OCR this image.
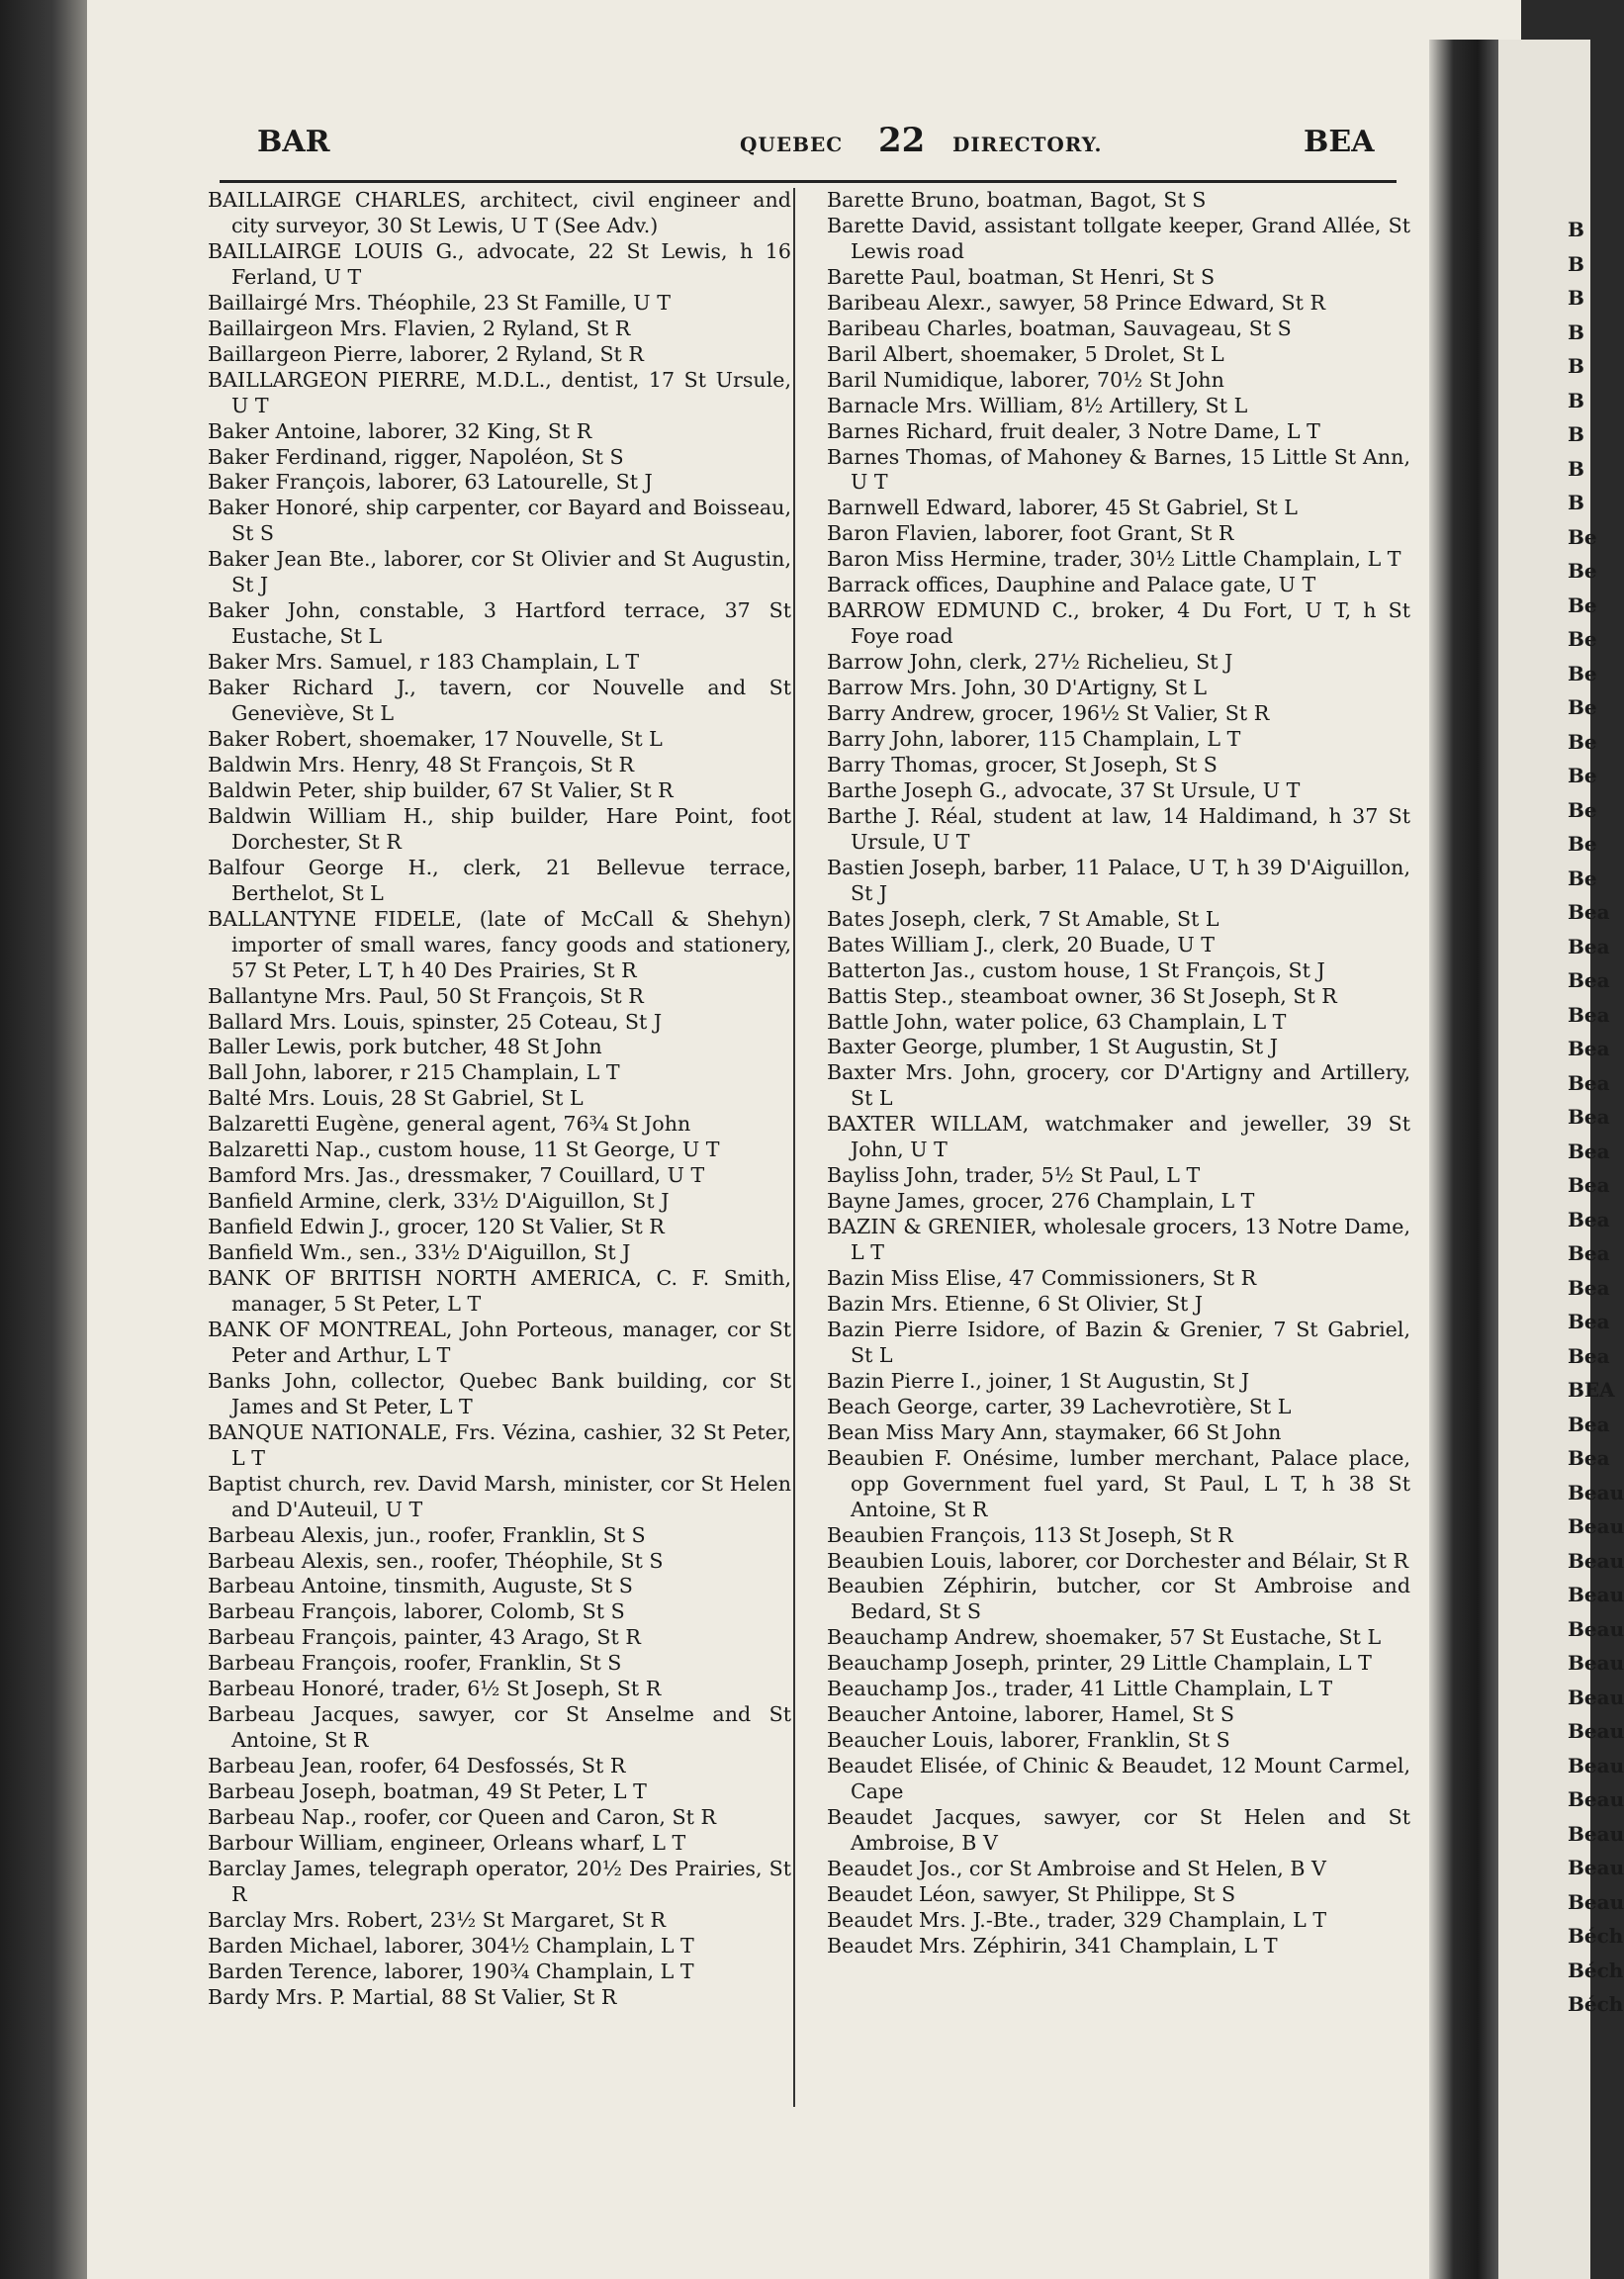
B
B
B
B
B
B
B
B
B
Be
Be
Be
Be
Be
Be
Be
Be
Be
Be
Be
Bea
Bea
Bea
Bea
Bea
Bea
Bea
Bea
Bea
Bea
Bea
Bea
Bea
Bea
BEA
Bea
Bea
Beau
Beau
Beau
Beau
Beau
Beau
Beau
Beau
Beau
Beau
Beau
Beau
Beau
Béch
Béch
Béch
BAR	QUEBEC 22 DIRECTORY.	BEA

BAILLAIRGE CHARLES, architect, civil engineer and city surveyor, 30 St Lewis, U T (See Adv.)

BAILLAIRGE LOUIS G., advocate, 22 St Lewis, h 16 Ferland, U T

Baillairgé Mrs. Théophile, 23 St Famille, U T

Baillairgeon Mrs. Flavien, 2 Ryland, St R

Baillargeon Pierre, laborer, 2 Ryland, St R

BAILLARGEON PIERRE, M.D.L., dentist, 17 St Ursule, U T

Baker Antoine, laborer, 32 King, St R

Baker Ferdinand, rigger, Napoléon, St S

Baker François, laborer, 63 Latourelle, St J

Baker Honoré, ship carpenter, cor Bayard and Boisseau, St S

Baker Jean Bte., laborer, cor St Olivier and St Augustin, St J

Baker John, constable, 3 Hartford terrace, 37 St Eustache, St L

Baker Mrs. Samuel, r 183 Champlain, L T

Baker Richard J., tavern, cor Nouvelle and St Geneviève, St L

Baker Robert, shoemaker, 17 Nouvelle, St L

Baldwin Mrs. Henry, 48 St François, St R

Baldwin Peter, ship builder, 67 St Valier, St R

Baldwin William H., ship builder, Hare Point, foot Dorchester, St R

Balfour George H., clerk, 21 Bellevue terrace, Berthelot, St L

BALLANTYNE FIDELE, (late of McCall & Shehyn) importer of small wares, fancy goods and stationery, 57 St Peter, L T, h 40 Des Prairies, St R

Ballantyne Mrs. Paul, 50 St François, St R

Ballard Mrs. Louis, spinster, 25 Coteau, St J

Baller Lewis, pork butcher, 48 St John

Ball John, laborer, r 215 Champlain, L T

Balté Mrs. Louis, 28 St Gabriel, St L

Balzaretti Eugène, general agent, 76¾ St John

Balzaretti Nap., custom house, 11 St George, U T

Bamford Mrs. Jas., dressmaker, 7 Couillard, U T

Banfield Armine, clerk, 33½ D'Aiguillon, St J

Banfield Edwin J., grocer, 120 St Valier, St R

Banfield Wm., sen., 33½ D'Aiguillon, St J

BANK OF BRITISH NORTH AMERICA, C. F. Smith, manager, 5 St Peter, L T

BANK OF MONTREAL, John Porteous, manager, cor St Peter and Arthur, L T

Banks John, collector, Quebec Bank building, cor St James and St Peter, L T

BANQUE NATIONALE, Frs. Vézina, cashier, 32 St Peter, L T

Baptist church, rev. David Marsh, minister, cor St Helen and D'Auteuil, U T

Barbeau Alexis, jun., roofer, Franklin, St S

Barbeau Alexis, sen., roofer, Théophile, St S

Barbeau Antoine, tinsmith, Auguste, St S

Barbeau François, laborer, Colomb, St S

Barbeau François, painter, 43 Arago, St R

Barbeau François, roofer, Franklin, St S

Barbeau Honoré, trader, 6½ St Joseph, St R

Barbeau Jacques, sawyer, cor St Anselme and St Antoine, St R

Barbeau Jean, roofer, 64 Desfossés, St R

Barbeau Joseph, boatman, 49 St Peter, L T

Barbeau Nap., roofer, cor Queen and Caron, St R

Barbour William, engineer, Orleans wharf, L T

Barclay James, telegraph operator, 20½ Des Prairies, St R

Barclay Mrs. Robert, 23½ St Margaret, St R

Barden Michael, laborer, 304½ Champlain, L T

Barden Terence, laborer, 190¾ Champlain, L T

Bardy Mrs. P. Martial, 88 St Valier, St R

Barette Bruno, boatman, Bagot, St S

Barette David, assistant tollgate keeper, Grand Allée, St Lewis road

Barette Paul, boatman, St Henri, St S

Baribeau Alexr., sawyer, 58 Prince Edward, St R

Baribeau Charles, boatman, Sauvageau, St S

Baril Albert, shoemaker, 5 Drolet, St L

Baril Numidique, laborer, 70½ St John

Barnacle Mrs. William, 8½ Artillery, St L

Barnes Richard, fruit dealer, 3 Notre Dame, L T

Barnes Thomas, of Mahoney & Barnes, 15 Little St Ann, U T

Barnwell Edward, laborer, 45 St Gabriel, St L

Baron Flavien, laborer, foot Grant, St R

Baron Miss Hermine, trader, 30½ Little Champlain, L T

Barrack offices, Dauphine and Palace gate, U T

BARROW EDMUND C., broker, 4 Du Fort, U T, h St Foye road

Barrow John, clerk, 27½ Richelieu, St J

Barrow Mrs. John, 30 D'Artigny, St L

Barry Andrew, grocer, 196½ St Valier, St R

Barry John, laborer, 115 Champlain, L T

Barry Thomas, grocer, St Joseph, St S

Barthe Joseph G., advocate, 37 St Ursule, U T

Barthe J. Réal, student at law, 14 Haldimand, h 37 St Ursule, U T

Bastien Joseph, barber, 11 Palace, U T, h 39 D'Aiguillon, St J

Bates Joseph, clerk, 7 St Amable, St L

Bates William J., clerk, 20 Buade, U T

Batterton Jas., custom house, 1 St François, St J

Battis Step., steamboat owner, 36 St Joseph, St R

Battle John, water police, 63 Champlain, L T

Baxter George, plumber, 1 St Augustin, St J

Baxter Mrs. John, grocery, cor D'Artigny and Artillery, St L

BAXTER WILLAM, watchmaker and jeweller, 39 St John, U T

Bayliss John, trader, 5½ St Paul, L T

Bayne James, grocer, 276 Champlain, L T

BAZIN & GRENIER, wholesale grocers, 13 Notre Dame, L T

Bazin Miss Elise, 47 Commissioners, St R

Bazin Mrs. Etienne, 6 St Olivier, St J

Bazin Pierre Isidore, of Bazin & Grenier, 7 St Gabriel, St L

Bazin Pierre I., joiner, 1 St Augustin, St J

Beach George, carter, 39 Lachevrotière, St L

Bean Miss Mary Ann, staymaker, 66 St John

Beaubien F. Onésime, lumber merchant, Palace place, opp Government fuel yard, St Paul, L T, h 38 St Antoine, St R

Beaubien François, 113 St Joseph, St R

Beaubien Louis, laborer, cor Dorchester and Bélair, St R

Beaubien Zéphirin, butcher, cor St Ambroise and Bedard, St S

Beauchamp Andrew, shoemaker, 57 St Eustache, St L

Beauchamp Joseph, printer, 29 Little Champlain, L T

Beauchamp Jos., trader, 41 Little Champlain, L T

Beaucher Antoine, laborer, Hamel, St S

Beaucher Louis, laborer, Franklin, St S

Beaudet Elisée, of Chinic & Beaudet, 12 Mount Carmel, Cape

Beaudet Jacques, sawyer, cor St Helen and St Ambroise, B V

Beaudet Jos., cor St Ambroise and St Helen, B V

Beaudet Léon, sawyer, St Philippe, St S

Beaudet Mrs. J.-Bte., trader, 329 Champlain, L T

Beaudet Mrs. Zéphirin, 341 Champlain, L T
